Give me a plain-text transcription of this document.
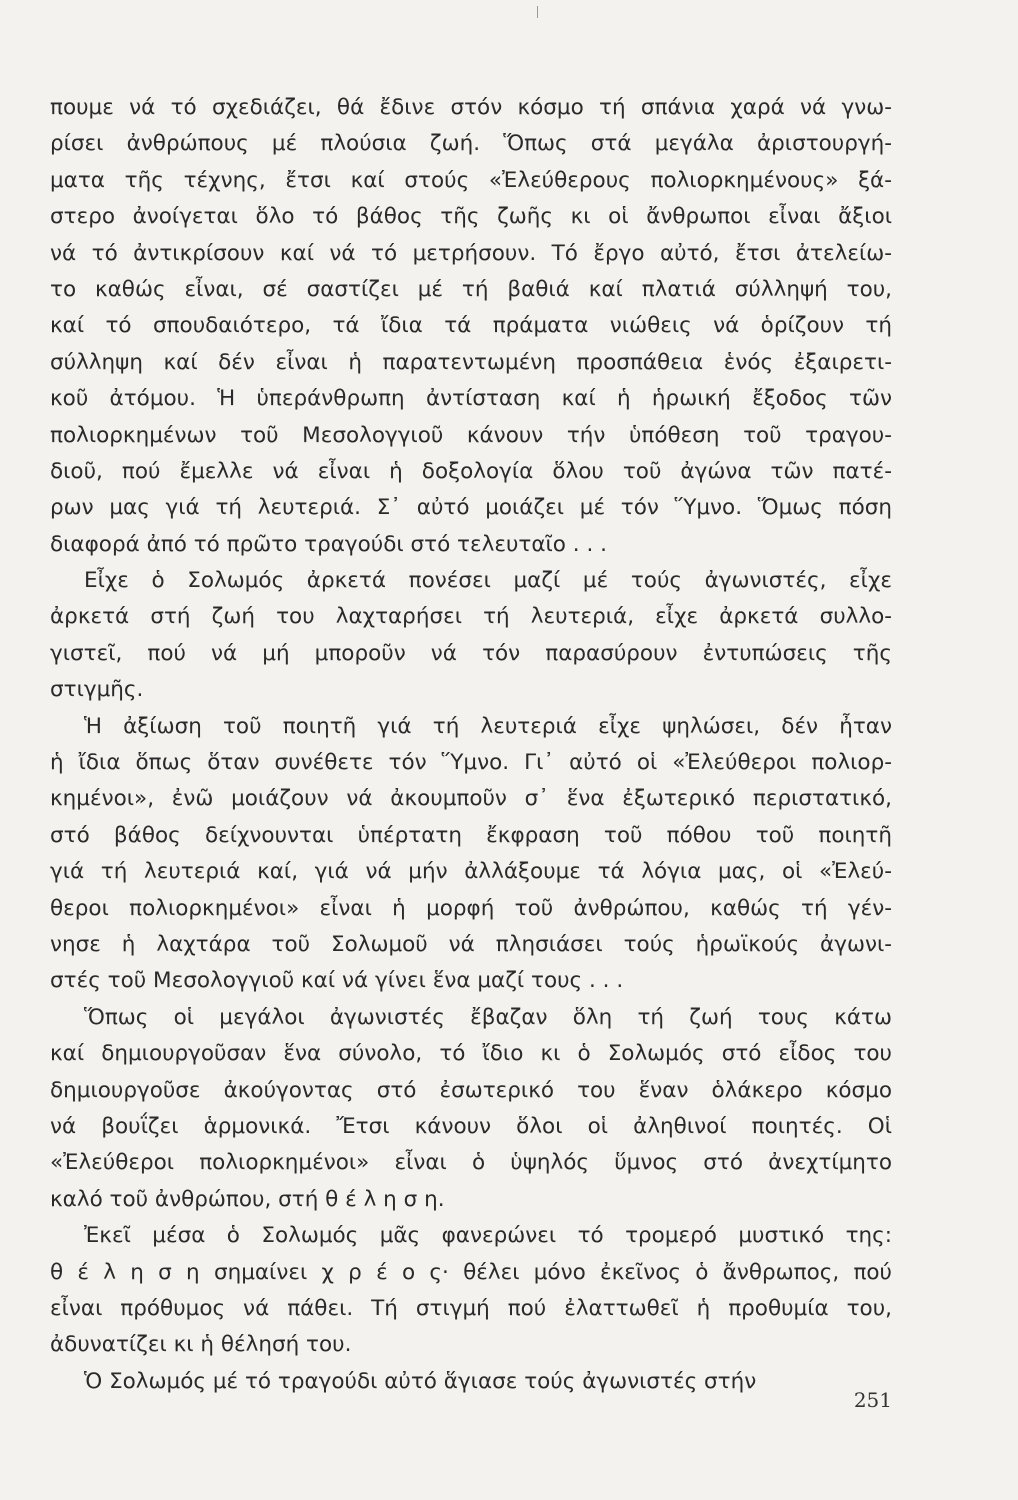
πουμε νά τό σχεδιάζει, θά ἔδινε στόν κόσμο τή σπάνια χαρά νά γνω-
ρίσει ἀνθρώπους μέ πλούσια ζωή. Ὅπως στά μεγάλα ἀριστουργή-
ματα τῆς τέχνης, ἔτσι καί στούς «Ἐλεύθερους πολιορκημένους» ξά-
στερο ἀνοίγεται ὅλο τό βάθος τῆς ζωῆς κι οἱ ἄνθρωποι εἶναι ἄξιοι
νά τό ἀντικρίσουν καί νά τό μετρήσουν. Τό ἔργο αὐτό, ἔτσι ἀτελείω-
το καθώς εἶναι, σέ σαστίζει μέ τή βαθιά καί πλατιά σύλληψή του,
καί τό σπουδαιότερο, τά ἴδια τά πράματα νιώθεις νά ὁρίζουν τή
σύλληψη καί δέν εἶναι ἡ παρατεντωμένη προσπάθεια ἑνός ἐξαιρετι-
κοῦ ἀτόμου. Ἡ ὑπεράνθρωπη ἀντίσταση καί ἡ ἡρωική ἔξοδος τῶν
πολιορκημένων τοῦ Μεσολογγιοῦ κάνουν τήν ὑπόθεση τοῦ τραγου-
διοῦ, πού ἔμελλε νά εἶναι ἡ δοξολογία ὅλου τοῦ ἀγώνα τῶν πατέ-
ρων μας γιά τή λευτεριά. Σ᾿ αὐτό μοιάζει μέ τόν Ὕμνο. Ὅμως πόση
διαφορά ἀπό τό πρῶτο τραγούδι στό τελευταῖο . . .
Εἶχε ὁ Σολωμός ἀρκετά πονέσει μαζί μέ τούς ἀγωνιστές, εἶχε
ἀρκετά στή ζωή του λαχταρήσει τή λευτεριά, εἶχε ἀρκετά συλλο-
γιστεῖ, πού νά μή μποροῦν νά τόν παρασύρουν ἐντυπώσεις τῆς
στιγμῆς.
Ἡ ἀξίωση τοῦ ποιητῆ γιά τή λευτεριά εἶχε ψηλώσει, δέν ἦταν
ἡ ἴδια ὅπως ὅταν συνέθετε τόν Ὕμνο. Γι᾿ αὐτό οἱ «Ἐλεύθεροι πολιορ-
κημένοι», ἐνῶ μοιάζουν νά ἀκουμποῦν σ᾿ ἕνα ἐξωτερικό περιστατικό,
στό βάθος δείχνουνται ὑπέρτατη ἔκφραση τοῦ πόθου τοῦ ποιητῆ
γιά τή λευτεριά καί, γιά νά μήν ἀλλάξουμε τά λόγια μας, οἱ «Ἐλεύ-
θεροι πολιορκημένοι» εἶναι ἡ μορφή τοῦ ἀνθρώπου, καθώς τή γέν-
νησε ἡ λαχτάρα τοῦ Σολωμοῦ νά πλησιάσει τούς ἡρωϊκούς ἀγωνι-
στές τοῦ Μεσολογγιοῦ καί νά γίνει ἕνα μαζί τους . . .
Ὅπως οἱ μεγάλοι ἀγωνιστές ἔβαζαν ὅλη τή ζωή τους κάτω
καί δημιουργοῦσαν ἕνα σύνολο, τό ἴδιο κι ὁ Σολωμός στό εἶδος του
δημιουργοῦσε ἀκούγοντας στό ἐσωτερικό του ἕναν ὁλάκερο κόσμο
νά βουΐζει ἁρμονικά. Ἔτσι κάνουν ὅλοι οἱ ἀληθινοί ποιητές. Οἱ
«Ἐλεύθεροι πολιορκημένοι» εἶναι ὁ ὑψηλός ὕμνος στό ἀνεχτίμητο
καλό τοῦ ἀνθρώπου, στή θ έ λ η σ η.
Ἐκεῖ μέσα ὁ Σολωμός μᾶς φανερώνει τό τρομερό μυστικό της:
θ έ λ η σ η σημαίνει χ ρ έ ο ς· θέλει μόνο ἐκεῖνος ὁ ἄνθρωπος, πού
εἶναι πρόθυμος νά πάθει. Τή στιγμή πού ἐλαττωθεῖ ἡ προθυμία του,
ἀδυνατίζει κι ἡ θέλησή του.
Ὁ Σολωμός μέ τό τραγούδι αὐτό ἅγιασε τούς ἀγωνιστές στήν
251
